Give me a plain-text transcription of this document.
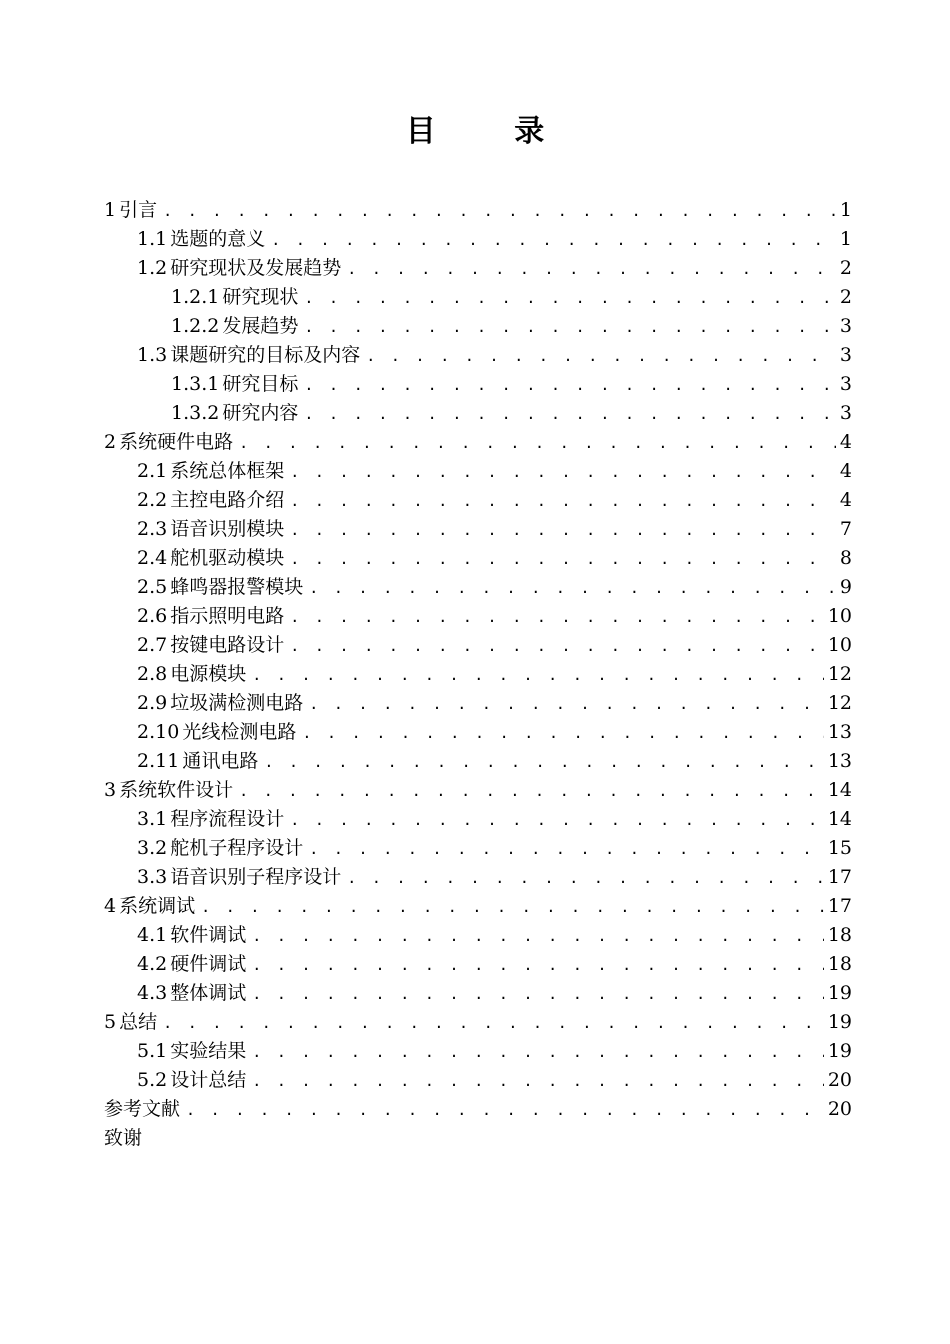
目 录
1 引言 . . .	1
1.1 选题的意义 . . .	1
1.2 研究现状及发展趋势 . . .	2
1.2.1 研究现状 . . .	2
1.2.2 发展趋势 . . .	3
1.3 课题研究的目标及内容 . . .	3
1.3.1 研究目标 . . .	3
1.3.2 研究内容 . . .	3
2 系统硬件电路 . . .	4
2.1 系统总体框架 . . .	4
2.2 主控电路介绍 . . .	4
2.3 语音识别模块 . . .	7
2.4 舵机驱动模块 . . .	8
2.5 蜂鸣器报警模块 . . .	9
2.6 指示照明电路 . . .	10
2.7 按键电路设计 . . .	10
2.8 电源模块 . . .	12
2.9 垃圾满检测电路 . . .	12
2.10 光线检测电路 . . .	13
2.11 通讯电路 . . .	13
3 系统软件设计 . . .	14
3.1 程序流程设计 . . .	14
3.2 舵机子程序设计 . . .	15
3.3 语音识别子程序设计 . . .	17
4 系统调试 . . .	17
4.1 软件调试 . . .	18
4.2 硬件调试 . . .	18
4.3 整体调试 . . .	19
5 总结 . . .	19
5.1 实验结果 . . .	19
5.2 设计总结 . . .	20
参考文献 . . .	20
致谢
